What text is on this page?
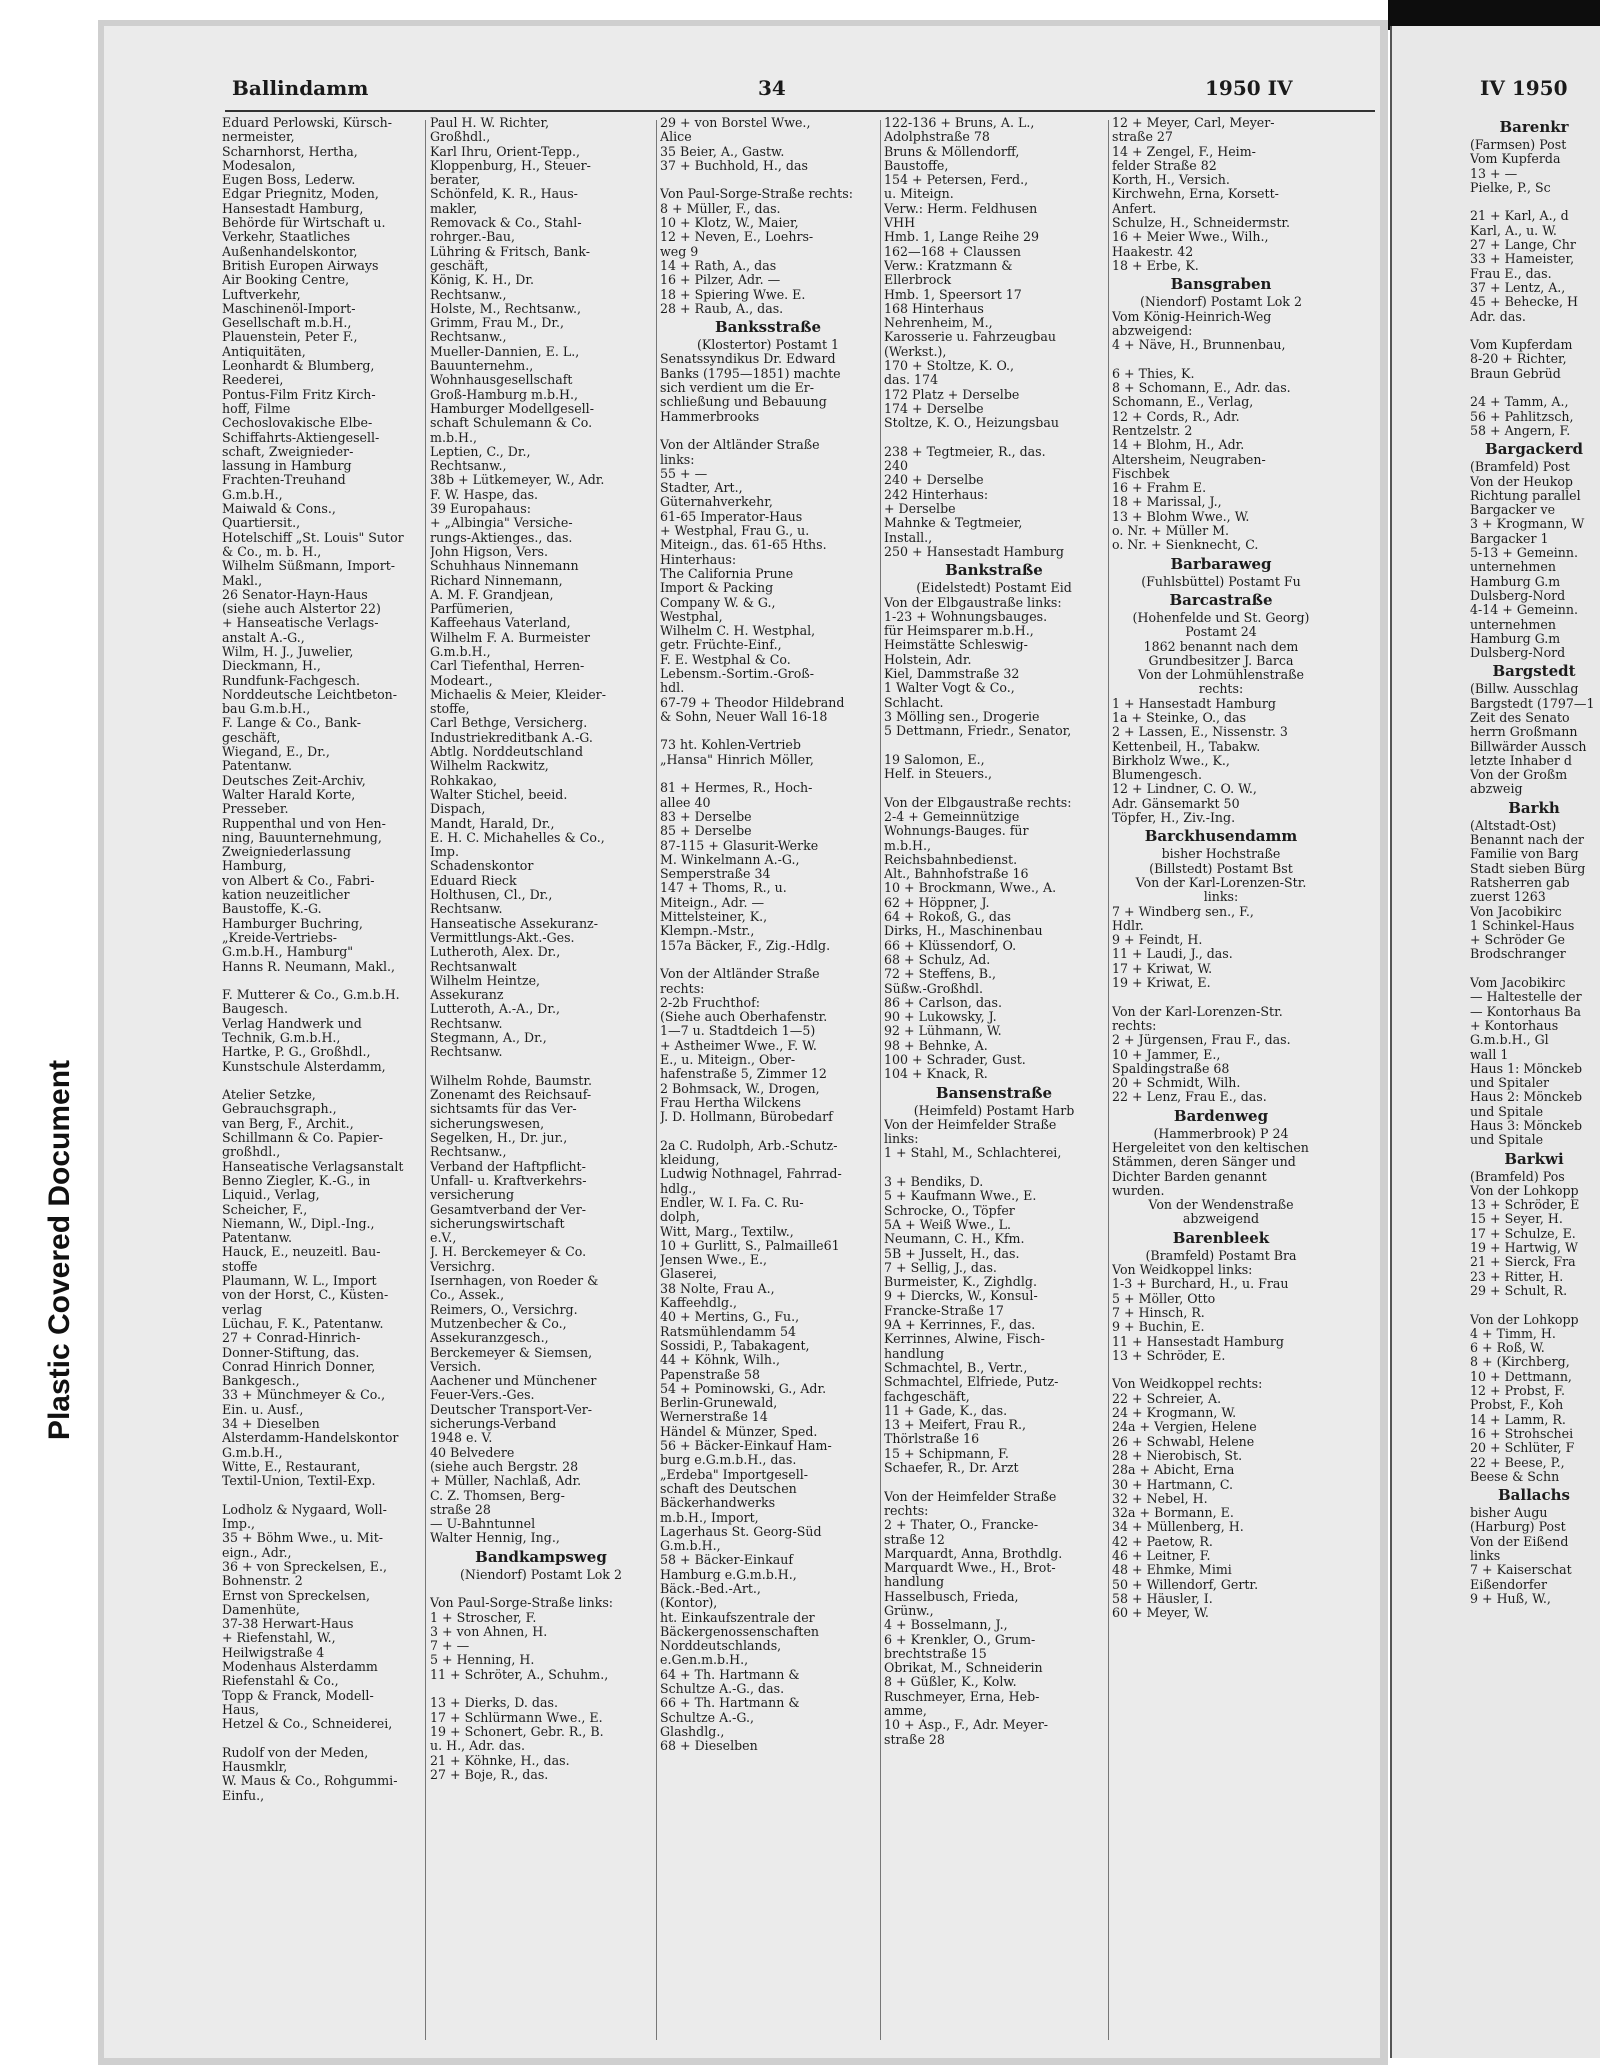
Plastic Covered Document
Ballindamm	34	1950 IV	IV 1950
Eduard Perlowski, Kürsch-
nermeister,
Scharnhorst, Hertha,
Modesalon,
Eugen Boss, Lederw.
Edgar Priegnitz, Moden,
Hansestadt Hamburg,
Behörde für Wirtschaft u.
Verkehr, Staatliches
Außenhandelskontor,
British Europen Airways
Air Booking Centre,
Luftverkehr,
Maschinenöl-Import-
Gesellschaft m.b.H.,
Plauenstein, Peter F.,
Antiquitäten,
Leonhardt & Blumberg,
Reederei,
Pontus-Film Fritz Kirch-
hoff, Filme
Cechoslovakische Elbe-
Schiffahrts-Aktiengesell-
schaft, Zweignieder-
lassung in Hamburg
Frachten-Treuhand
G.m.b.H.,
Maiwald & Cons.,
Quartiersit.,
Hotelschiff „St. Louis" Sutor
& Co., m. b. H.,
Wilhelm Süßmann, Import-
Makl.,
26 Senator-Hayn-Haus
(siehe auch Alstertor 22)
+ Hanseatische Verlags-
anstalt A.-G.,
Wilm, H. J., Juwelier,
Dieckmann, H.,
Rundfunk-Fachgesch.
Norddeutsche Leichtbeton-
bau G.m.b.H.,
F. Lange & Co., Bank-
geschäft,
Wiegand, E., Dr.,
Patentanw.
Deutsches Zeit-Archiv,
Walter Harald Korte,
Presseber.
Ruppenthal und von Hen-
ning, Bauunternehmung,
Zweigniederlassung
Hamburg,
von Albert & Co., Fabri-
kation neuzeitlicher
Baustoffe, K.-G.
Hamburger Buchring,
„Kreide-Vertriebs-
G.m.b.H., Hamburg"
Hanns R. Neumann, Makl.,

F. Mutterer & Co., G.m.b.H.
Baugesch.
Verlag Handwerk und
Technik, G.m.b.H.,
Hartke, P. G., Großhdl.,
Kunstschule Alsterdamm,

Atelier Setzke,
Gebrauchsgraph.,
van Berg, F., Archit.,
Schillmann & Co. Papier-
großhdl.,
Hanseatische Verlagsanstalt
Benno Ziegler, K.-G., in
Liquid., Verlag,
Scheicher, F.,
Niemann, W., Dipl.-Ing.,
Patentanw.
Hauck, E., neuzeitl. Bau-
stoffe
Plaumann, W. L., Import
von der Horst, C., Küsten-
verlag
Lüchau, F. K., Patentanw.
27 + Conrad-Hinrich-
Donner-Stiftung, das.
Conrad Hinrich Donner,
Bankgesch.,
33 + Münchmeyer & Co.,
Ein. u. Ausf.,
34 + Dieselben
Alsterdamm-Handelskontor
G.m.b.H.,
Witte, E., Restaurant,
Textil-Union, Textil-Exp.

Lodholz & Nygaard, Woll-
Imp.,
35 + Böhm Wwe., u. Mit-
eign., Adr.,
36 + von Spreckelsen, E.,
Bohnenstr. 2
Ernst von Spreckelsen,
Damenhüte,
37-38 Herwart-Haus
+ Riefenstahl, W.,
Heilwigstraße 4
Modenhaus Alsterdamm
Riefenstahl & Co.,
Topp & Franck, Modell-
Haus,
Hetzel & Co., Schneiderei,

Rudolf von der Meden,
Hausmklr,
W. Maus & Co., Rohgummi-
Einfu.,
Paul H. W. Richter,
Großhdl.,
Karl Ihru, Orient-Tepp.,
Kloppenburg, H., Steuer-
berater,
Schönfeld, K. R., Haus-
makler,
Removack & Co., Stahl-
rohrger.-Bau,
Lühring & Fritsch, Bank-
geschäft,
König, K. H., Dr.
Rechtsanw.,
Holste, M., Rechtsanw.,
Grimm, Frau M., Dr.,
Rechtsanw.,
Mueller-Dannien, E. L.,
Bauunternehm.,
Wohnhausgesellschaft
Groß-Hamburg m.b.H.,
Hamburger Modellgesell-
schaft Schulemann & Co.
m.b.H.,
Leptien, C., Dr.,
Rechtsanw.,
38b + Lütkemeyer, W., Adr.
F. W. Haspe, das.
39 Europahaus:
+ „Albingia" Versiche-
rungs-Aktienges., das.
John Higson, Vers.
Schuhhaus Ninnemann
Richard Ninnemann,
A. M. F. Grandjean,
Parfümerien,
Kaffeehaus Vaterland,
Wilhelm F. A. Burmeister
G.m.b.H.,
Carl Tiefenthal, Herren-
Modeart.,
Michaelis & Meier, Kleider-
stoffe,
Carl Bethge, Versicherg.
Industriekreditbank A.-G.
Abtlg. Norddeutschland
Wilhelm Rackwitz,
Rohkakao,
Walter Stichel, beeid.
Dispach,
Mandt, Harald, Dr.,
E. H. C. Michahelles & Co.,
Imp.
Schadenskontor
Eduard Rieck
Holthusen, Cl., Dr.,
Rechtsanw.
Hanseatische Assekuranz-
Vermittlungs-Akt.-Ges.
Lutheroth, Alex. Dr.,
Rechtsanwalt
Wilhelm Heintze,
Assekuranz
Lutteroth, A.-A., Dr.,
Rechtsanw.
Stegmann, A., Dr.,
Rechtsanw.

Wilhelm Rohde, Baumstr.
Zonenamt des Reichsauf-
sichtsamts für das Ver-
sicherungswesen,
Segelken, H., Dr. jur.,
Rechtsanw.,
Verband der Haftpflicht-
Unfall- u. Kraftverkehrs-
versicherung
Gesamtverband der Ver-
sicherungswirtschaft
e.V.,
J. H. Berckemeyer & Co.
Versichrg.
Isernhagen, von Roeder &
Co., Assek.,
Reimers, O., Versichrg.
Mutzenbecher & Co.,
Assekuranzgesch.,
Berckemeyer & Siemsen,
Versich.
Aachener und Münchener
Feuer-Vers.-Ges.
Deutscher Transport-Ver-
sicherungs-Verband
1948 e. V.
40 Belvedere
(siehe auch Bergstr. 28
+ Müller, Nachlaß, Adr.
C. Z. Thomsen, Berg-
straße 28
— U-Bahntunnel
Walter Hennig, Ing.,
Bandkampsweg
(Niendorf) Postamt Lok 2

Von Paul-Sorge-Straße links:
1 + Stroscher, F.
3 + von Ahnen, H.
7 + —
5 + Henning, H.
11 + Schröter, A., Schuhm.,

13 + Dierks, D. das.
17 + Schlürmann Wwe., E.
19 + Schonert, Gebr. R., B.
u. H., Adr. das.
21 + Köhnke, H., das.
27 + Boje, R., das.
29 + von Borstel Wwe.,
Alice
35 Beier, A., Gastw.
37 + Buchhold, H., das

Von Paul-Sorge-Straße rechts:
8 + Müller, F., das.
10 + Klotz, W., Maier,
12 + Neven, E., Loehrs-
weg 9
14 + Rath, A., das
16 + Pilzer, Adr. —
18 + Spiering Wwe. E.
28 + Raub, A., das.
Banksstraße
(Klostertor) Postamt 1
Senatssyndikus Dr. Edward
Banks (1795—1851) machte
sich verdient um die Er-
schließung und Bebauung
Hammerbrooks

Von der Altländer Straße
links:
55 + —
Stadter, Art.,
Güternahverkehr,
61-65 Imperator-Haus
+ Westphal, Frau G., u.
Miteign., das. 61-65 Hths.
Hinterhaus:
The California Prune
Import & Packing
Company W. & G.,
Westphal,
Wilhelm C. H. Westphal,
getr. Früchte-Einf.,
F. E. Westphal & Co.
Lebensm.-Sortim.-Groß-
hdl.
67-79 + Theodor Hildebrand
& Sohn, Neuer Wall 16-18

73 ht. Kohlen-Vertrieb
„Hansa" Hinrich Möller,

81 + Hermes, R., Hoch-
allee 40
83 + Derselbe
85 + Derselbe
87-115 + Glasurit-Werke
M. Winkelmann A.-G.,
Semperstraße 34
147 + Thoms, R., u.
Miteign., Adr. —
Mittelsteiner, K.,
Klempn.-Mstr.,
157a Bäcker, F., Zig.-Hdlg.

Von der Altländer Straße
rechts:
2-2b Fruchthof:
(Siehe auch Oberhafenstr.
1—7 u. Stadtdeich 1—5)
+ Astheimer Wwe., F. W.
E., u. Miteign., Ober-
hafenstraße 5, Zimmer 12
2 Bohmsack, W., Drogen,
Frau Hertha Wilckens
J. D. Hollmann, Bürobedarf

2a C. Rudolph, Arb.-Schutz-
kleidung,
Ludwig Nothnagel, Fahrrad-
hdlg.,
Endler, W. I. Fa. C. Ru-
dolph,
Witt, Marg., Textilw.,
10 + Gurlitt, S., Palmaille61
Jensen Wwe., E.,
Glaserei,
38 Nolte, Frau A.,
Kaffeehdlg.,
40 + Mertins, G., Fu.,
Ratsmühlendamm 54
Sossidi, P., Tabakagent,
44 + Köhnk, Wilh.,
Papenstraße 58
54 + Pominowski, G., Adr.
Berlin-Grunewald,
Wernerstraße 14
Händel & Münzer, Sped.
56 + Bäcker-Einkauf Ham-
burg e.G.m.b.H., das.
„Erdeba" Importgesell-
schaft des Deutschen
Bäckerhandwerks
m.b.H., Import,
Lagerhaus St. Georg-Süd
G.m.b.H.,
58 + Bäcker-Einkauf
Hamburg e.G.m.b.H.,
Bäck.-Bed.-Art.,
(Kontor),
ht. Einkaufszentrale der
Bäckergenossenschaften
Norddeutschlands,
e.Gen.m.b.H.,
64 + Th. Hartmann &
Schultze A.-G., das.
66 + Th. Hartmann &
Schultze A.-G.,
Glashdlg.,
68 + Dieselben
122-136 + Bruns, A. L.,
Adolphstraße 78
Bruns & Möllendorff,
Baustoffe,
154 + Petersen, Ferd.,
u. Miteign.
Verw.: Herm. Feldhusen
VHH
Hmb. 1, Lange Reihe 29
162—168 + Claussen
Verw.: Kratzmann &
Ellerbrock
Hmb. 1, Speersort 17
168 Hinterhaus
Nehrenheim, M.,
Karosserie u. Fahrzeugbau
(Werkst.),
170 + Stoltze, K. O.,
das. 174
172 Platz + Derselbe
174 + Derselbe
Stoltze, K. O., Heizungsbau

238 + Tegtmeier, R., das.
240
240 + Derselbe
242 Hinterhaus:
+ Derselbe
Mahnke & Tegtmeier,
Install.,
250 + Hansestadt Hamburg
Bankstraße
(Eidelstedt) Postamt Eid
Von der Elbgaustraße links:
1-23 + Wohnungsbauges.
für Heimsparer m.b.H.,
Heimstätte Schleswig-
Holstein, Adr.
Kiel, Dammstraße 32
1 Walter Vogt & Co.,
Schlacht.
3 Mölling sen., Drogerie
5 Dettmann, Friedr., Senator,

19 Salomon, E.,
Helf. in Steuers.,

Von der Elbgaustraße rechts:
2-4 + Gemeinnützige
Wohnungs-Bauges. für
m.b.H.,
Reichsbahnbedienst.
Alt., Bahnhofstraße 16
10 + Brockmann, Wwe., A.
62 + Höppner, J.
64 + Rokoß, G., das
Dirks, H., Maschinenbau
66 + Klüssendorf, O.
68 + Schulz, Ad.
72 + Steffens, B.,
Süßw.-Großhdl.
86 + Carlson, das.
90 + Lukowsky, J.
92 + Lühmann, W.
98 + Behnke, A.
100 + Schrader, Gust.
104 + Knack, R.
Bansenstraße
(Heimfeld) Postamt Harb
Von der Heimfelder Straße
links:
1 + Stahl, M., Schlachterei,

3 + Bendiks, D.
5 + Kaufmann Wwe., E.
Schrocke, O., Töpfer
5A + Weiß Wwe., L.
Neumann, C. H., Kfm.
5B + Jusselt, H., das.
7 + Sellig, J., das.
Burmeister, K., Zighdlg.
9 + Diercks, W., Konsul-
Francke-Straße 17
9A + Kerrinnes, F., das.
Kerrinnes, Alwine, Fisch-
handlung
Schmachtel, B., Vertr.,
Schmachtel, Elfriede, Putz-
fachgeschäft,
11 + Gade, K., das.
13 + Meifert, Frau R.,
Thörlstraße 16
15 + Schipmann, F.
Schaefer, R., Dr. Arzt

Von der Heimfelder Straße
rechts:
2 + Thater, O., Francke-
straße 12
Marquardt, Anna, Brothdlg.
Marquardt Wwe., H., Brot-
handlung
Hasselbusch, Frieda,
Grünw.,
4 + Bosselmann, J.,
6 + Krenkler, O., Grum-
brechtstraße 15
Obrikat, M., Schneiderin
8 + Güßler, K., Kolw.
Ruschmeyer, Erna, Heb-
amme,
10 + Asp., F., Adr. Meyer-
straße 28
12 + Meyer, Carl, Meyer-
straße 27
14 + Zengel, F., Heim-
felder Straße 82
Korth, H., Versich.
Kirchwehn, Erna, Korsett-
Anfert.
Schulze, H., Schneidermstr.
16 + Meier Wwe., Wilh.,
Haakestr. 42
18 + Erbe, K.
Bansgraben
(Niendorf) Postamt Lok 2
Vom König-Heinrich-Weg
abzweigend:
4 + Näve, H., Brunnenbau,

6 + Thies, K.
8 + Schomann, E., Adr. das.
Schomann, E., Verlag,
12 + Cords, R., Adr.
Rentzelstr. 2
14 + Blohm, H., Adr.
Altersheim, Neugraben-
Fischbek
16 + Frahm E.
18 + Marissal, J.,
13 + Blohm Wwe., W.
o. Nr. + Müller M.
o. Nr. + Sienknecht, C.
Barbaraweg
(Fuhlsbüttel) Postamt Fu
Barcastraße
(Hohenfelde und St. Georg)
Postamt 24
1862 benannt nach dem
Grundbesitzer J. Barca
Von der Lohmühlenstraße
rechts:
1 + Hansestadt Hamburg
1a + Steinke, O., das
2 + Lassen, E., Nissenstr. 3
Kettenbeil, H., Tabakw.
Birkholz Wwe., K.,
Blumengesch.
12 + Lindner, C. O. W.,
Adr. Gänsemarkt 50
Töpfer, H., Ziv.-Ing.
Barckhusendamm
bisher Hochstraße
(Billstedt) Postamt Bst
Von der Karl-Lorenzen-Str.
links:
7 + Windberg sen., F.,
Hdlr.
9 + Feindt, H.
11 + Laudi, J., das.
17 + Kriwat, W.
19 + Kriwat, E.

Von der Karl-Lorenzen-Str.
rechts:
2 + Jürgensen, Frau F., das.
10 + Jammer, E.,
Spaldingstraße 68
20 + Schmidt, Wilh.
22 + Lenz, Frau E., das.
Bardenweg
(Hammerbrook) P 24
Hergeleitet von den keltischen
Stämmen, deren Sänger und
Dichter Barden genannt
wurden.
Von der Wendenstraße
abzweigend
Barenbleek
(Bramfeld) Postamt Bra
Von Weidkoppel links:
1-3 + Burchard, H., u. Frau
5 + Möller, Otto
7 + Hinsch, R.
9 + Buchin, E.
11 + Hansestadt Hamburg
13 + Schröder, E.

Von Weidkoppel rechts:
22 + Schreier, A.
24 + Krogmann, W.
24a + Vergien, Helene
26 + Schwabl, Helene
28 + Nierobisch, St.
28a + Abicht, Erna
30 + Hartmann, C.
32 + Nebel, H.
32a + Bormann, E.
34 + Müllenberg, H.
42 + Paetow, R.
46 + Leitner, F.
48 + Ehmke, Mimi
50 + Willendorf, Gertr.
58 + Häusler, I.
60 + Meyer, W.
Barenkr
(Farmsen) Post
Vom Kupferda
13 + —
Pielke, P., Sc

21 + Karl, A., d
Karl, A., u. W.
27 + Lange, Chr
33 + Hameister,
Frau E., das.
37 + Lentz, A.,
45 + Behecke, H
Adr. das.

Vom Kupferdam
8-20 + Richter,
Braun Gebrüd

24 + Tamm, A.,
56 + Pahlitzsch,
58 + Angern, F.
Bargackerd
(Bramfeld) Post
Von der Heukop
Richtung parallel
Bargacker ve
3 + Krogmann, W
Bargacker 1
5-13 + Gemeinn.
unternehmen
Hamburg G.m
Dulsberg-Nord
4-14 + Gemeinn.
unternehmen
Hamburg G.m
Dulsberg-Nord
Bargstedt
(Billw. Ausschlag
Bargstedt (1797—1
Zeit des Senato
herrn Großmann
Billwärder Aussch
letzte Inhaber d
Von der Großm
abzweig
Barkh
(Altstadt-Ost)
Benannt nach der
Familie von Barg
Stadt sieben Bürg
Ratsherren gab
zuerst 1263
Von Jacobikirc
1 Schinkel-Haus
+ Schröder Ge
Brodschranger

Vom Jacobikirc
— Haltestelle der
— Kontorhaus Ba
+ Kontorhaus
G.m.b.H., Gl
wall 1
Haus 1: Mönckeb
und Spitaler
Haus 2: Mönckeb
und Spitale
Haus 3: Mönckeb
und Spitale
Barkwi
(Bramfeld) Pos
Von der Lohkopp
13 + Schröder, E
15 + Seyer, H.
17 + Schulze, E.
19 + Hartwig, W
21 + Sierck, Fra
23 + Ritter, H.
29 + Schult, R.

Von der Lohkopp
4 + Timm, H.
6 + Roß, W.
8 + (Kirchberg,
10 + Dettmann,
12 + Probst, F.
Probst, F., Koh
14 + Lamm, R.
16 + Strohschei
20 + Schlüter, F
22 + Beese, P.,
Beese & Schn
Ballachs
bisher Augu
(Harburg) Post
Von der Eißend
links
7 + Kaiserschat
Eißendorfer
9 + Huß, W.,
